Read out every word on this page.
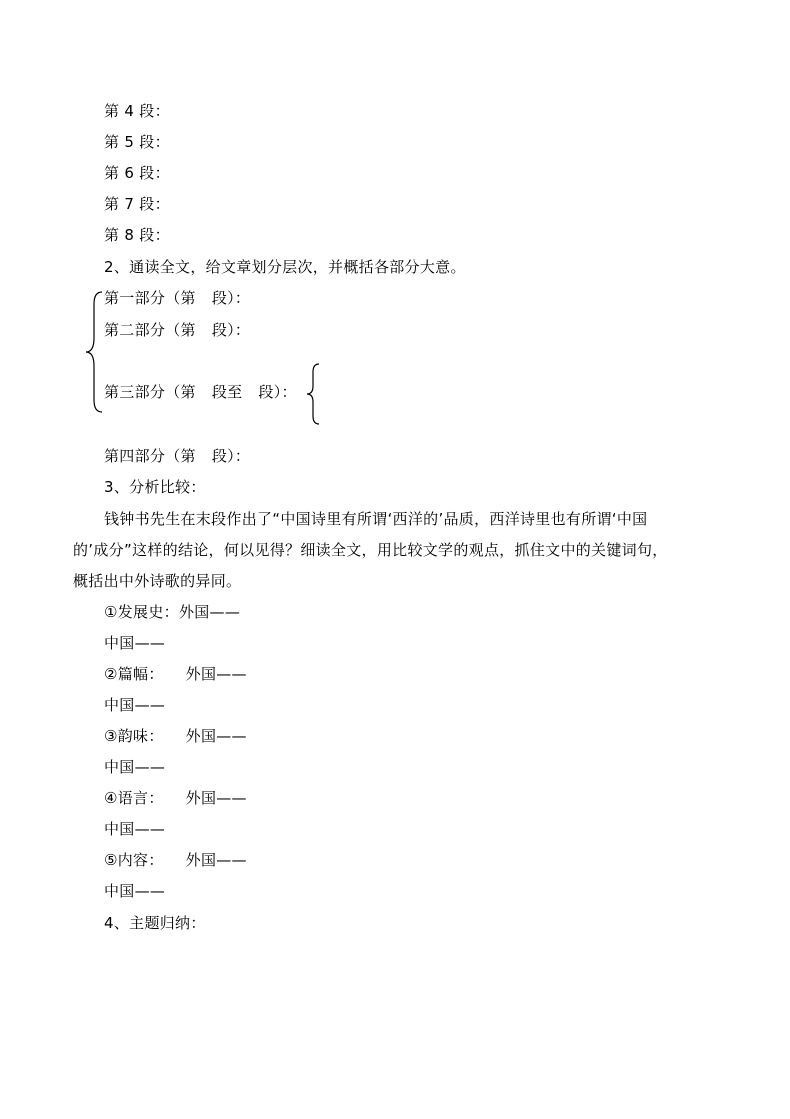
第 4 段：
第 5 段：
第 6 段：
第 7 段：
第 8 段：
2、通读全文，给文章划分层次，并概括各部分大意。
第一部分（第 段）：
第二部分（第 段）：
第三部分（第 段至 段）：
第四部分（第 段）：
3、分析比较：
钱钟书先生在末段作出了“中国诗里有所谓‘西洋的’品质，西洋诗里也有所谓‘中国
的’成分”这样的结论，何以见得？细读全文，用比较文学的观点，抓住文中的关键词句，
概括出中外诗歌的异同。
①发展史：外国——
中国——
②篇幅： 外国——
中国——
③韵味： 外国——
中国——
④语言： 外国——
中国——
⑤内容： 外国——
中国——
4、主题归纳：
